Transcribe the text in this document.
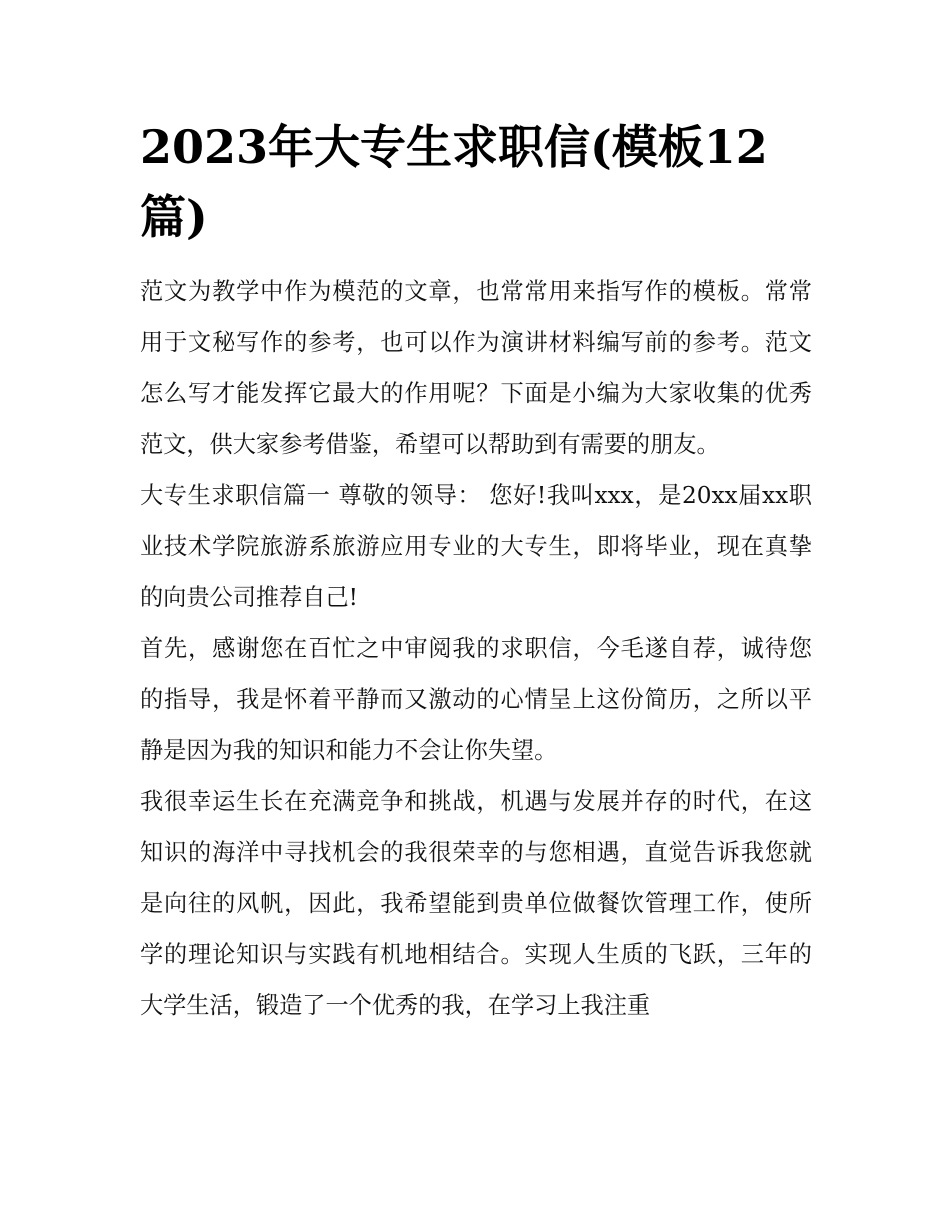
2023年大专生求职信(模板12篇)

范文为教学中作为模范的文章，也常常用来指写作的模板。常常用于文秘写作的参考，也可以作为演讲材料编写前的参考。范文怎么写才能发挥它最大的作用呢？下面是小编为大家收集的优秀范文，供大家参考借鉴，希望可以帮助到有需要的朋友。

大专生求职信篇一 尊敬的领导： 您好!我叫xxx，是20xx届xx职业技术学院旅游系旅游应用专业的大专生，即将毕业，现在真挚的向贵公司推荐自己!

首先，感谢您在百忙之中审阅我的求职信，今毛遂自荐，诚待您的指导，我是怀着平静而又激动的心情呈上这份简历，之所以平静是因为我的知识和能力不会让你失望。

我很幸运生长在充满竞争和挑战，机遇与发展并存的时代，在这知识的海洋中寻找机会的我很荣幸的与您相遇，直觉告诉我您就是向往的风帆，因此，我希望能到贵单位做餐饮管理工作，使所学的理论知识与实践有机地相结合。实现人生质的飞跃，三年的大学生活，锻造了一个优秀的我，在学习上我注重
